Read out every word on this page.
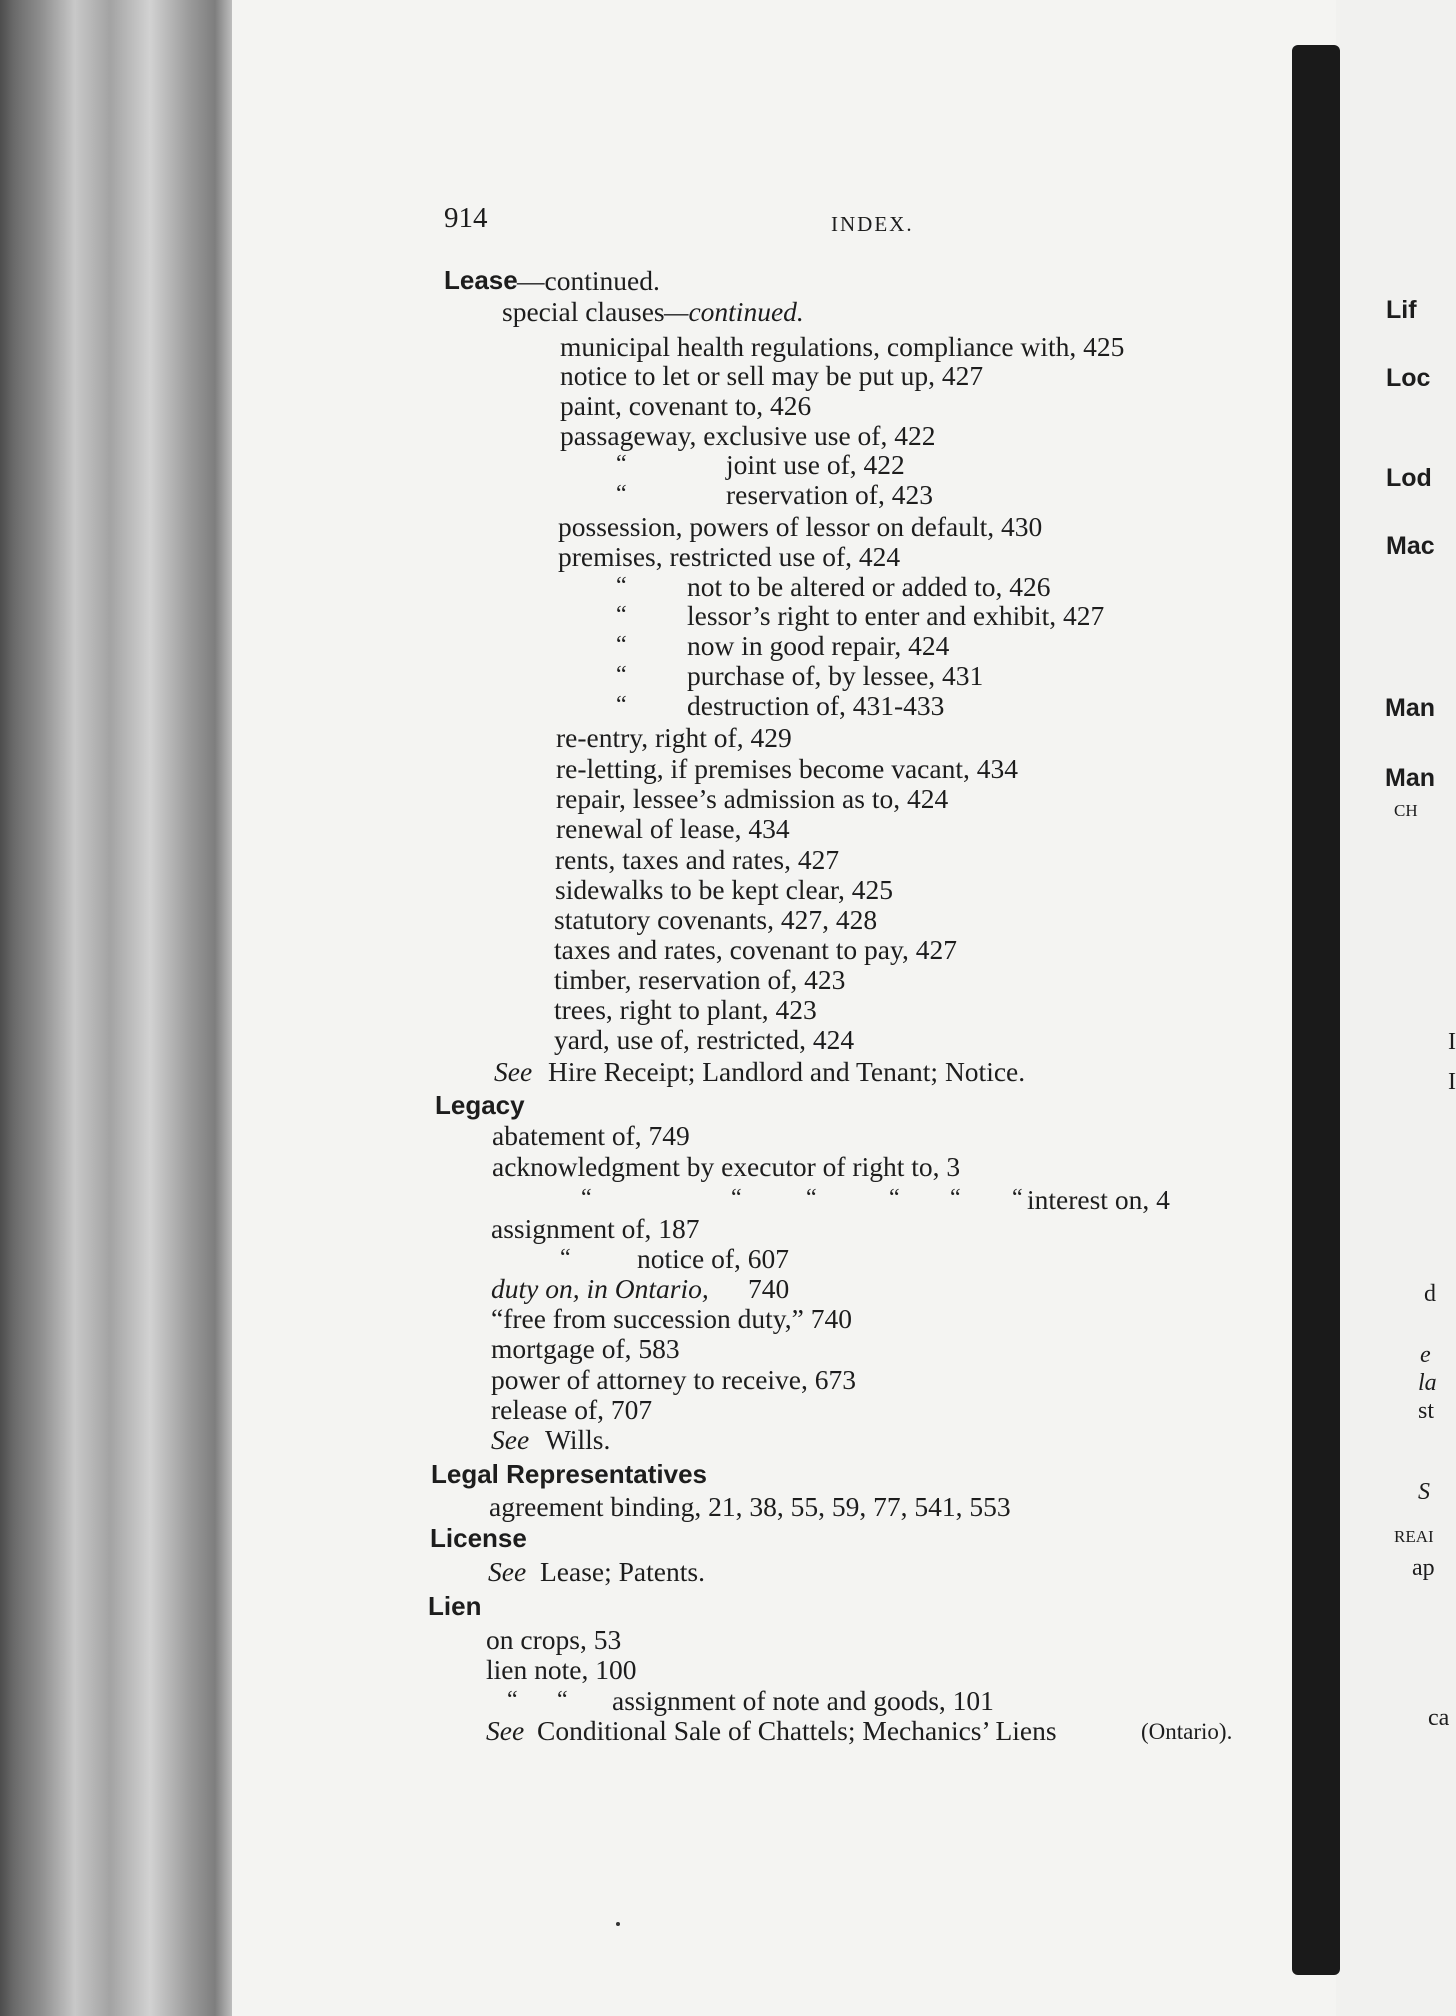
914	INDEX.
Lease —continued.
special clauses —continued.
municipal health regulations, compliance with, 425
notice to let or sell may be put up, 427
paint, covenant to, 426
passageway, exclusive use of, 422
“	joint use of, 422
“	reservation of, 423
possession, powers of lessor on default, 430
premises, restricted use of, 424
“ not to be altered or added to, 426
“ lessor’s right to enter and exhibit, 427
“ now in good repair, 424
“ purchase of, by lessee, 431
“ destruction of, 431-433
re-entry, right of, 429
re-letting, if premises become vacant, 434
repair, lessee’s admission as to, 424
renewal of lease, 434
rents, taxes and rates, 427
sidewalks to be kept clear, 425
statutory covenants, 427, 428
taxes and rates, covenant to pay, 427
timber, reservation of, 423
trees, right to plant, 423
yard, use of, restricted, 424
See Hire Receipt; Landlord and Tenant; Notice.
Legacy
abatement of, 749
acknowledgment by executor of right to, 3
“	“	“	“ “ “ interest on, 4
assignment of, 187
“ notice of, 607
duty on, in Ontario, 740
“free from succession duty,” 740
mortgage of, 583
power of attorney to receive, 673
release of, 707
See Wills.
Legal Representatives
agreement binding, 21, 38, 55, 59, 77, 541, 553
License
See Lease; Patents.
Lien
on crops, 53
lien note, 100
“ “ assignment of note and goods, 101
See Conditional Sale of Chattels; Mechanics’ Liens	(Ontario).
Lif
Loc
Lod
Mac
Man
Man
CH
I
I
d
e
la
st
S
REAI
ap
ca
